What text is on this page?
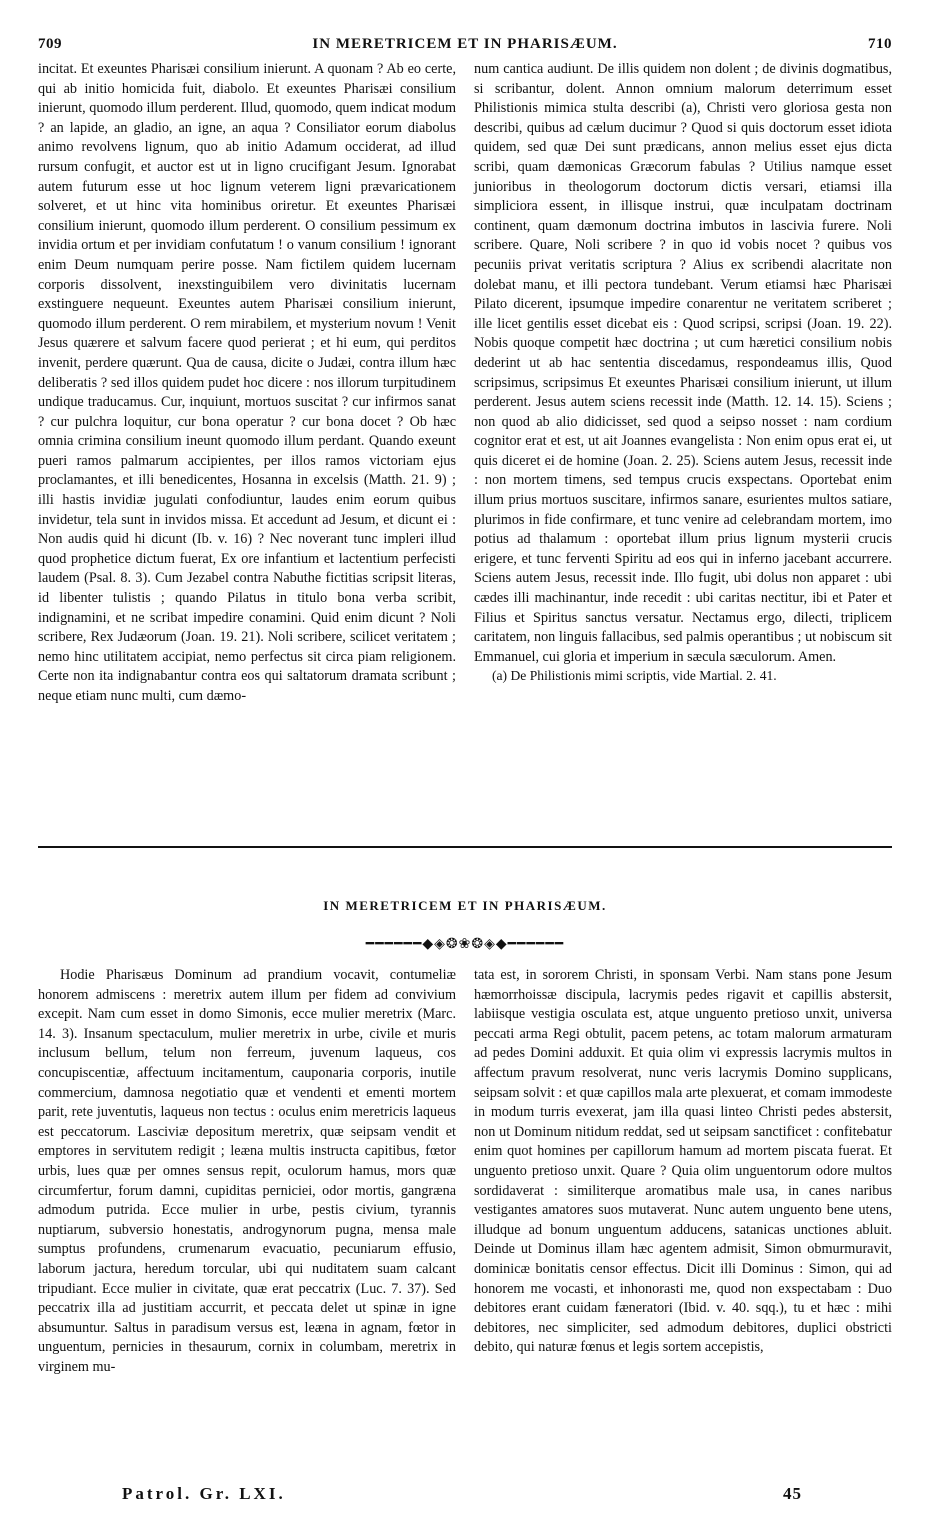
709	IN MERETRICEM ET IN PHARISÆUM.	710

incitat. Et exeuntes Pharisæi consilium inierunt. A quonam ? Ab eo certe, qui ab initio homicida fuit, diabolo. Et exeuntes Pharisæi consilium inierunt, quomodo illum perderent. Illud, quomodo, quem indicat modum ? an lapide, an gladio, an igne, an aqua ? Consiliator eorum diabolus animo revolvens lignum, quo ab initio Adamum occiderat, ad illud rursum confugit, et auctor est ut in ligno crucifigant Jesum. Ignorabat autem futurum esse ut hoc lignum veterem ligni prævaricationem solveret, et ut hinc vita hominibus oriretur. Et exeuntes Pharisæi consilium inierunt, quomodo illum perderent. O consilium pessimum ex invidia ortum et per invidiam confutatum ! o vanum consilium ! ignorant enim Deum numquam perire posse. Nam fictilem quidem lucernam corporis dissolvent, inexstinguibilem vero divinitatis lucernam exstinguere nequeunt. Exeuntes autem Pharisæi consilium inierunt, quomodo illum perderent. O rem mirabilem, et mysterium novum ! Venit Jesus quærere et salvum facere quod perierat ; et hi eum, qui perditos invenit, perdere quærunt. Qua de causa, dicite o Judæi, contra illum hæc deliberatis ? sed illos quidem pudet hoc dicere : nos illorum turpitudinem undique traducamus. Cur, inquiunt, mortuos suscitat ? cur infirmos sanat ? cur pulchra loquitur, cur bona operatur ? cur bona docet ? Ob hæc omnia crimina consilium ineunt quomodo illum perdant. Quando exeunt pueri ramos palmarum accipientes, per illos ramos victoriam ejus proclamantes, et illi benedicentes, Hosanna in excelsis (Matth. 21. 9) ; illi hastis invidiæ jugulati confodiuntur, laudes enim eorum quibus invidetur, tela sunt in invidos missa. Et accedunt ad Jesum, et dicunt ei : Non audis quid hi dicunt (Ib. v. 16) ? Nec noverant tunc impleri illud quod prophetice dictum fuerat, Ex ore infantium et lactentium perfecisti laudem (Psal. 8. 3). Cum Jezabel contra Nabuthe fictitias scripsit literas, id libenter tulistis ; quando Pilatus in titulo bona verba scribit, indignamini, et ne scribat impedire conamini. Quid enim dicunt ? Noli scribere, Rex Judæorum (Joan. 19. 21). Noli scribere, scilicet veritatem ; nemo hinc utilitatem accipiat, nemo perfectus sit circa piam religionem. Certe non ita indignabantur contra eos qui saltatorum dramata scribunt ; neque etiam nunc multi, cum dæmo-

num cantica audiunt. De illis quidem non dolent ; de divinis dogmatibus, si scribantur, dolent. Annon omnium malorum deterrimum esset Philistionis mimica stulta describi (a), Christi vero gloriosa gesta non describi, quibus ad cælum ducimur ? Quod si quis doctorum esset idiota quidem, sed quæ Dei sunt prædicans, annon melius esset ejus dicta scribi, quam dæmonicas Græcorum fabulas ? Utilius namque esset junioribus in theologorum doctorum dictis versari, etiamsi illa simpliciora essent, in illisque instrui, quæ inculpatam doctrinam continent, quam dæmonum doctrina imbutos in lascivia furere. Noli scribere. Quare, Noli scribere ? in quo id vobis nocet ? quibus vos pecuniis privat veritatis scriptura ? Alius ex scribendi alacritate non dolebat manu, et illi pectora tundebant. Verum etiamsi hæc Pharisæi Pilato dicerent, ipsumque impedire conarentur ne veritatem scriberet ; ille licet gentilis esset dicebat eis : Quod scripsi, scripsi (Joan. 19. 22). Nobis quoque competit hæc doctrina ; ut cum hæretici consilium nobis dederint ut ab hac sententia discedamus, respondeamus illis, Quod scripsimus, scripsimus Et exeuntes Pharisæi consilium inierunt, ut illum perderent. Jesus autem sciens recessit inde (Matth. 12. 14. 15). Sciens ; non quod ab alio didicisset, sed quod a seipso nosset : nam cordium cognitor erat et est, ut ait Joannes evangelista : Non enim opus erat ei, ut quis diceret ei de homine (Joan. 2. 25). Sciens autem Jesus, recessit inde : non mortem timens, sed tempus crucis exspectans. Oportebat enim illum prius mortuos suscitare, infirmos sanare, esurientes multos satiare, plurimos in fide confirmare, et tunc venire ad celebrandam mortem, imo potius ad thalamum : oportebat illum prius lignum mysterii crucis erigere, et tunc ferventi Spiritu ad eos qui in inferno jacebant accurrere. Sciens autem Jesus, recessit inde. Illo fugit, ubi dolus non apparet : ubi cædes illi machinantur, inde recedit : ubi caritas nectitur, ibi et Pater et Filius et Spiritus sanctus versatur. Nectamus ergo, dilecti, triplicem caritatem, non linguis fallacibus, sed palmis operantibus ; ut nobiscum sit Emmanuel, cui gloria et imperium in sæcula sæculorum. Amen.

(a) De Philistionis mimi scriptis, vide Martial. 2. 41.

IN MERETRICEM ET IN PHARISÆUM.
━━━━━━◆◈❂❀❂◈◆━━━━━━

Hodie Pharisæus Dominum ad prandium vocavit, contumeliæ honorem admiscens : meretrix autem illum per fidem ad convivium excepit. Nam cum esset in domo Simonis, ecce mulier meretrix (Marc. 14. 3). Insanum spectaculum, mulier meretrix in urbe, civile et muris inclusum bellum, telum non ferreum, juvenum laqueus, cos concupiscentiæ, affectuum incitamentum, cauponaria corporis, inutile commercium, damnosa negotiatio quæ et vendenti et ementi mortem parit, rete juventutis, laqueus non tectus : oculus enim meretricis laqueus est peccatorum. Lasciviæ depositum meretrix, quæ seipsam vendit et emptores in servitutem redigit ; leæna multis instructa capitibus, fœtor urbis, lues quæ per omnes sensus repit, oculorum hamus, mors quæ circumfertur, forum damni, cupiditas perniciei, odor mortis, gangræna admodum putrida. Ecce mulier in urbe, pestis civium, tyrannis nuptiarum, subversio honestatis, androgynorum pugna, mensa male sumptus profundens, crumenarum evacuatio, pecuniarum effusio, laborum jactura, heredum torcular, ubi qui nuditatem suam calcant tripudiant. Ecce mulier in civitate, quæ erat peccatrix (Luc. 7. 37). Sed peccatrix illa ad justitiam accurrit, et peccata delet ut spinæ in igne absumuntur. Saltus in paradisum versus est, leæna in agnam, fœtor in unguentum, pernicies in thesaurum, cornix in columbam, meretrix in virginem mu-

tata est, in sororem Christi, in sponsam Verbi. Nam stans pone Jesum hæmorrhoissæ discipula, lacrymis pedes rigavit et capillis abstersit, labiisque vestigia osculata est, atque unguento pretioso unxit, universa peccati arma Regi obtulit, pacem petens, ac totam malorum armaturam ad pedes Domini adduxit. Et quia olim vi expressis lacrymis multos in affectum pravum resolverat, nunc veris lacrymis Domino supplicans, seipsam solvit : et quæ capillos mala arte plexuerat, et comam immodeste in modum turris evexerat, jam illa quasi linteo Christi pedes abstersit, non ut Dominum nitidum reddat, sed ut seipsam sanctificet : confitebatur enim quot homines per capillorum hamum ad mortem piscata fuerat. Et unguento pretioso unxit. Quare ? Quia olim unguentorum odore multos sordidaverat : similiterque aromatibus male usa, in canes naribus vestigantes amatores suos mutaverat. Nunc autem unguento bene utens, illudque ad bonum unguentum adducens, satanicas unctiones abluit. Deinde ut Dominus illam hæc agentem admisit, Simon obmurmuravit, dominicæ bonitatis censor effectus. Dicit illi Dominus : Simon, qui ad honorem me vocasti, et inhonorasti me, quod non exspectabam : Duo debitores erant cuidam fæneratori (Ibid. v. 40. sqq.), tu et hæc : mihi debitores, nec simpliciter, sed admodum debitores, duplici obstricti debito, qui naturæ fœnus et legis sortem accepistis,

Patrol. Gr. LXI.	45
